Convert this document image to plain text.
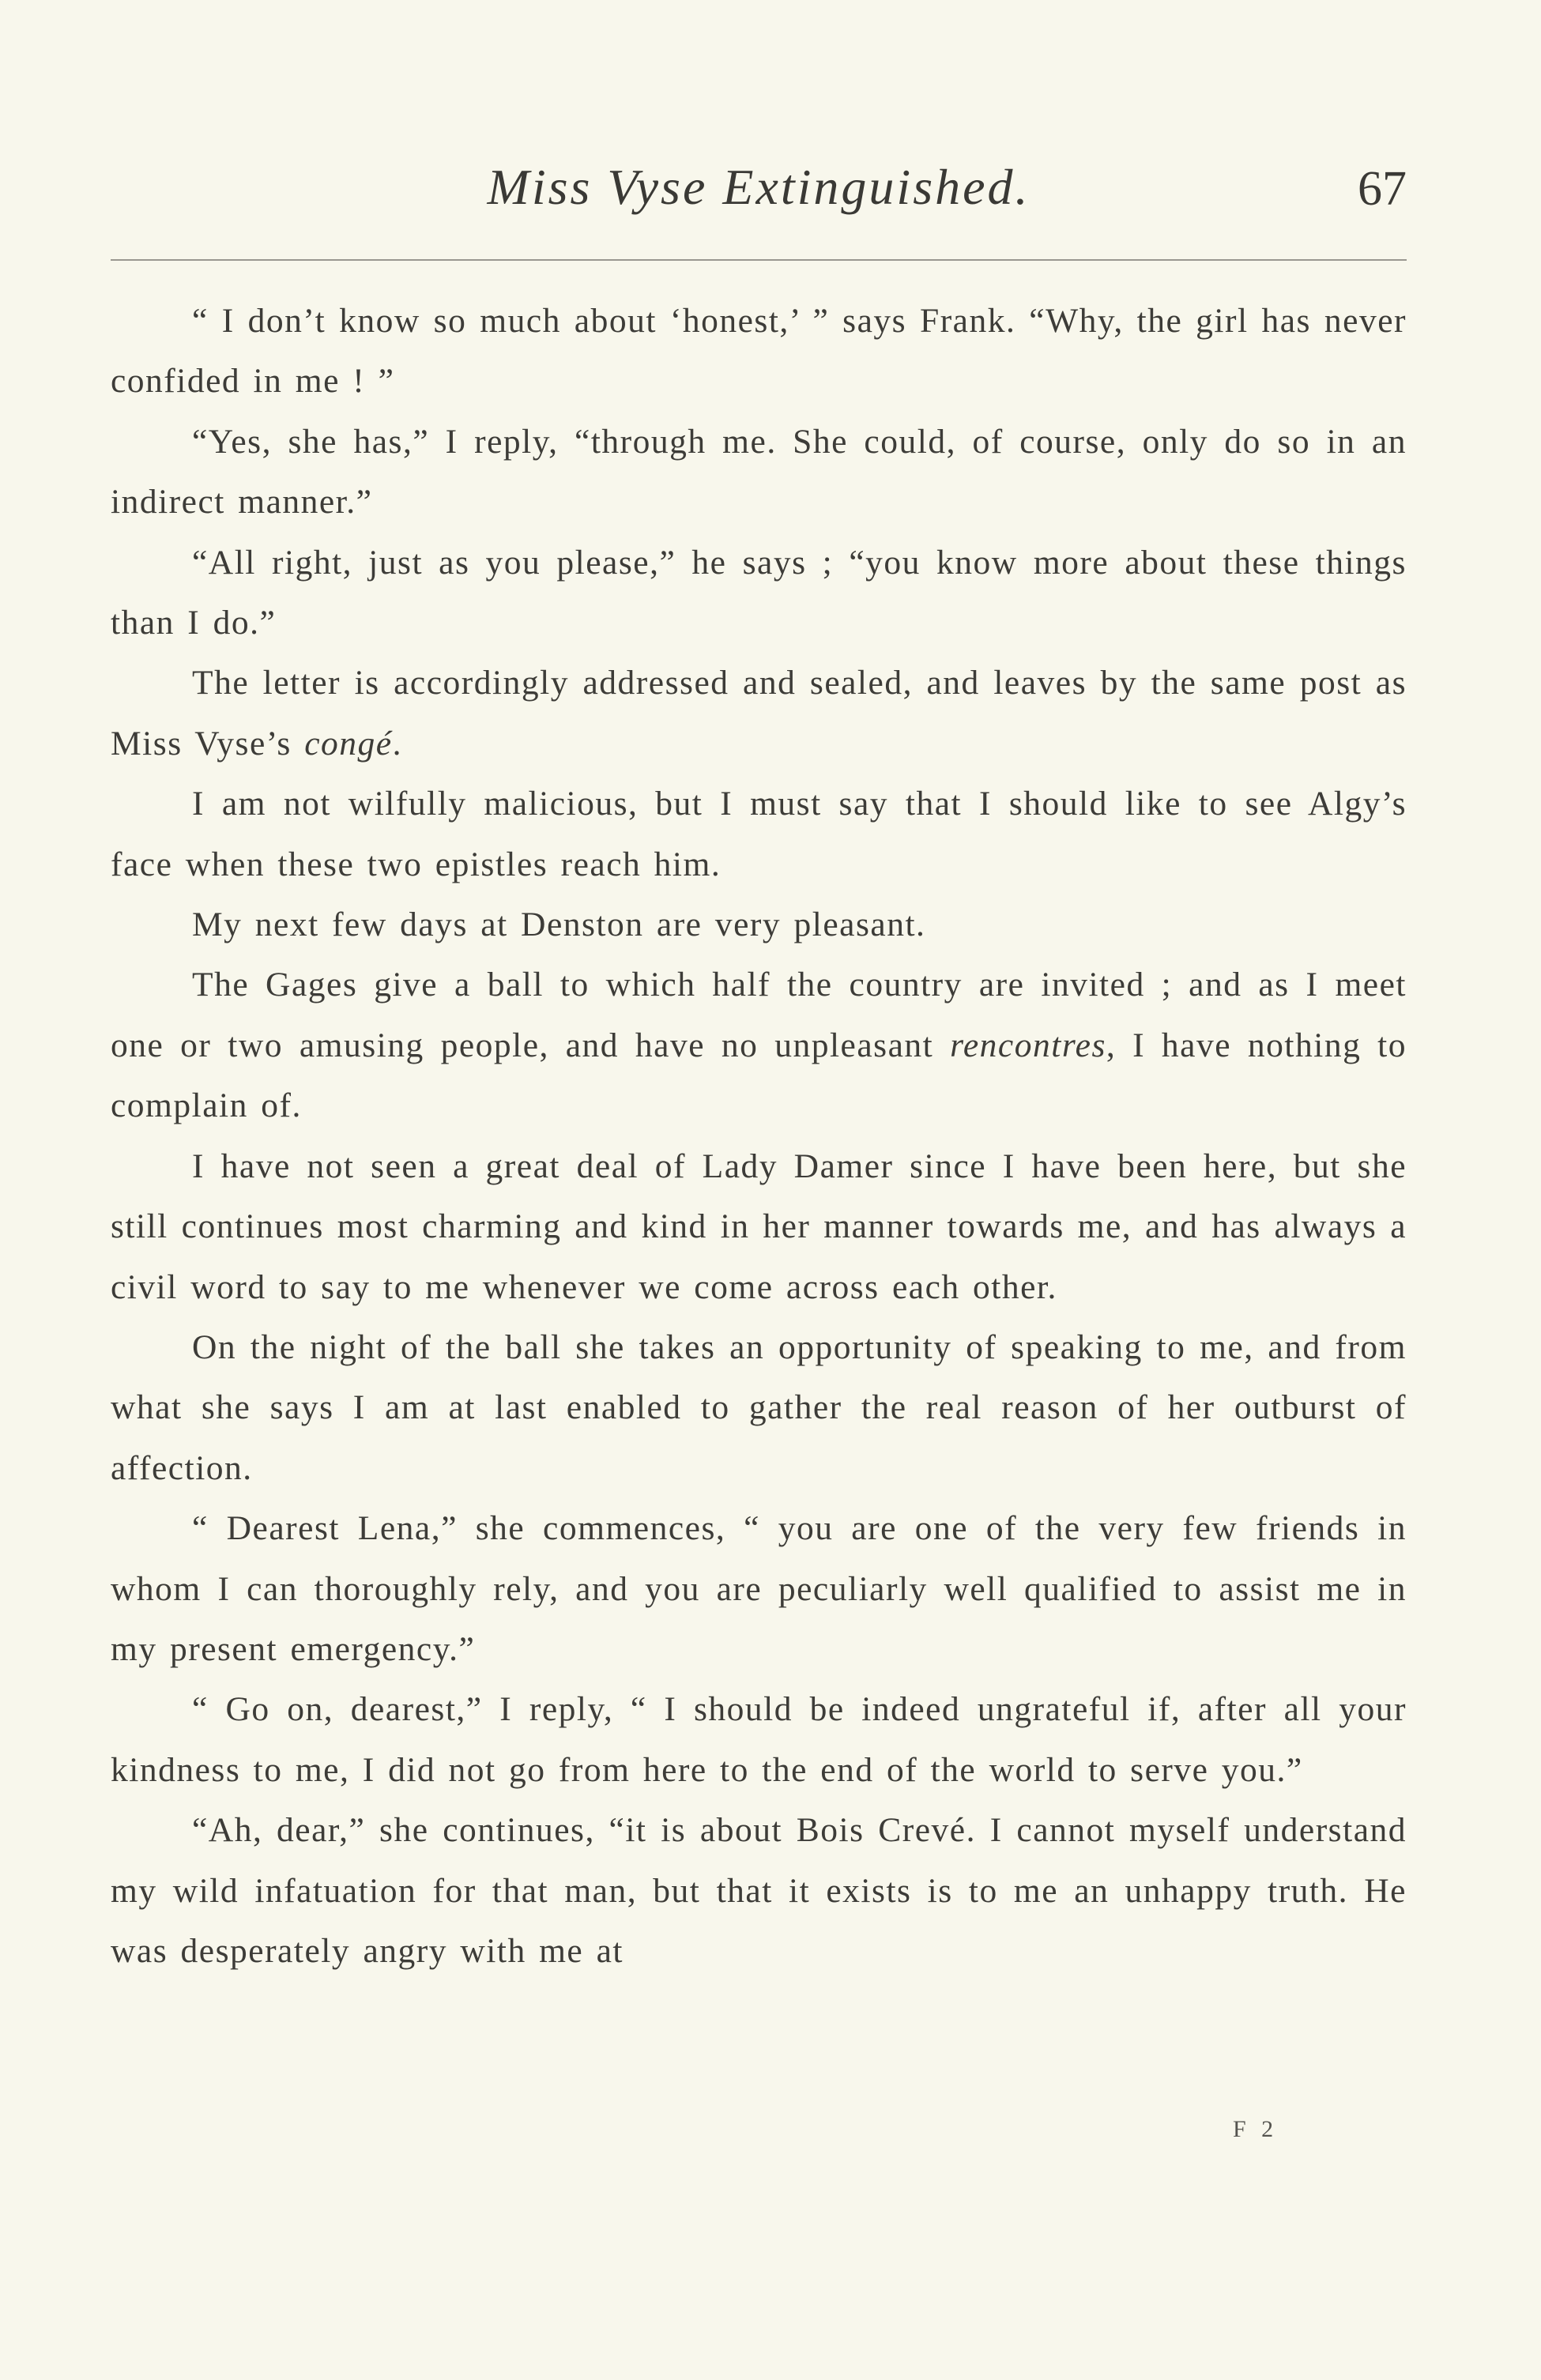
Miss Vyse Extinguished.	67

“ I don’t know so much about ‘honest,’ ” says Frank. “Why, the girl has never confided in me ! ”

“Yes, she has,” I reply, “through me. She could, of course, only do so in an indirect manner.”

“All right, just as you please,” he says ; “you know more about these things than I do.”

The letter is accordingly addressed and sealed, and leaves by the same post as Miss Vyse’s congé.

I am not wilfully malicious, but I must say that I should like to see Algy’s face when these two epistles reach him.

My next few days at Denston are very pleasant.

The Gages give a ball to which half the country are invited ; and as I meet one or two amusing people, and have no unpleasant rencontres, I have nothing to complain of.

I have not seen a great deal of Lady Damer since I have been here, but she still continues most charming and kind in her manner towards me, and has always a civil word to say to me whenever we come across each other.

On the night of the ball she takes an opportunity of speaking to me, and from what she says I am at last enabled to gather the real reason of her outburst of affection.

“ Dearest Lena,” she commences, “ you are one of the very few friends in whom I can thoroughly rely, and you are peculiarly well qualified to assist me in my present emergency.”

“ Go on, dearest,” I reply, “ I should be indeed ungrateful if, after all your kindness to me, I did not go from here to the end of the world to serve you.”

“Ah, dear,” she continues, “it is about Bois Crevé. I cannot myself understand my wild infatuation for that man, but that it exists is to me an unhappy truth. He was desperately angry with me at

F 2
